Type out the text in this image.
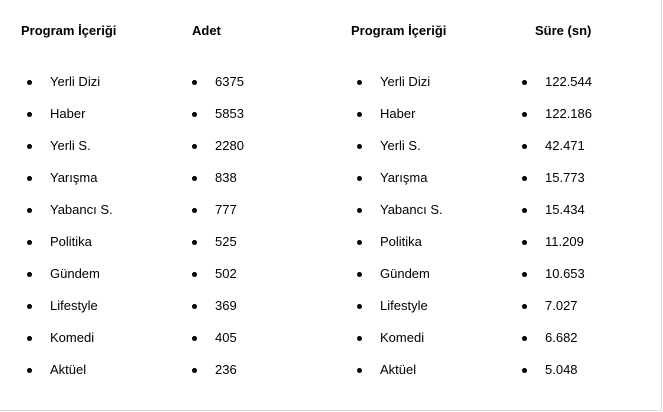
Program İçeriği
Yerli Dizi
Haber
Yerli S.
Yarışma
Yabancı S.
Politika
Gündem
Lifestyle
Komedi
Aktüel
Adet
6375
5853
2280
838
777
525
502
369
405
236
Program İçeriği
Yerli Dizi
Haber
Yerli S.
Yarışma
Yabancı S.
Politika
Gündem
Lifestyle
Komedi
Aktüel
Süre (sn)
122.544
122.186
42.471
15.773
15.434
11.209
10.653
7.027
6.682
5.048
